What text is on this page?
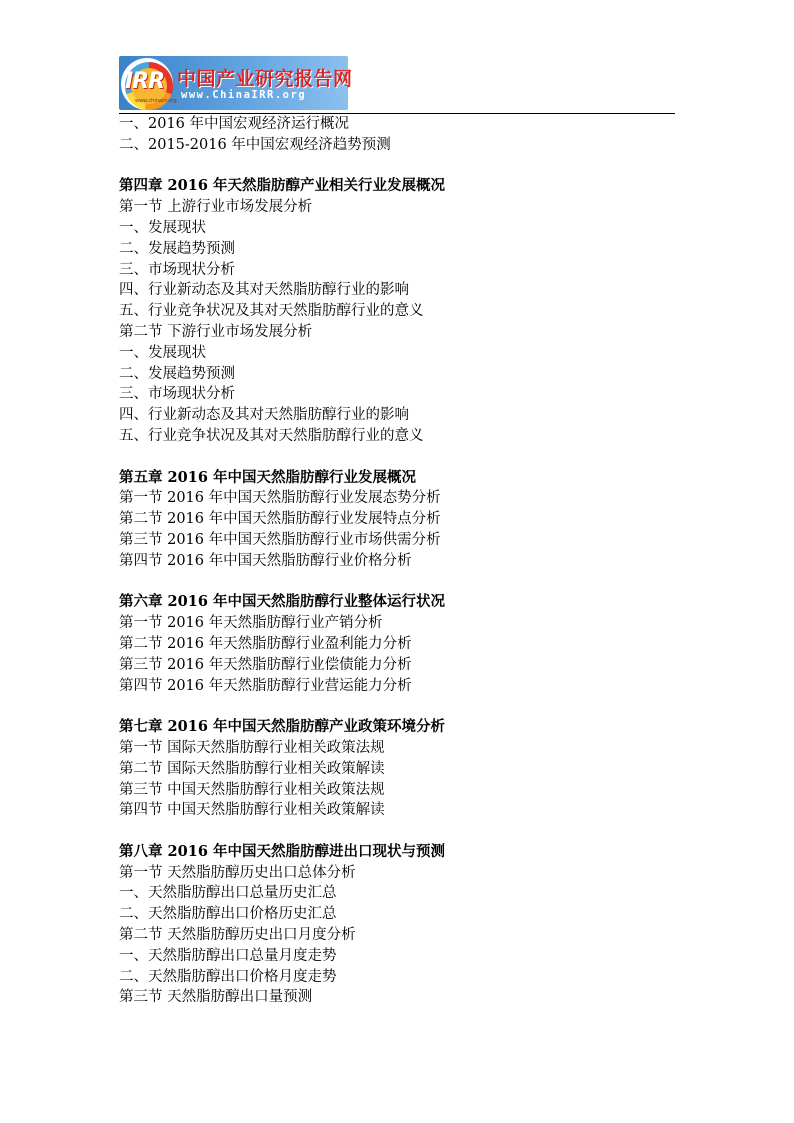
IRR
www.chinairr.org
中国产业研究报告网
www.ChinaIRR.org
一、2016 年中国宏观经济运行概况
二、2015-2016 年中国宏观经济趋势预测
第四章 2016 年天然脂肪醇产业相关行业发展概况
第一节 上游行业市场发展分析
一、发展现状
二、发展趋势预测
三、市场现状分析
四、行业新动态及其对天然脂肪醇行业的影响
五、行业竞争状况及其对天然脂肪醇行业的意义
第二节 下游行业市场发展分析
一、发展现状
二、发展趋势预测
三、市场现状分析
四、行业新动态及其对天然脂肪醇行业的影响
五、行业竞争状况及其对天然脂肪醇行业的意义
第五章 2016 年中国天然脂肪醇行业发展概况
第一节 2016 年中国天然脂肪醇行业发展态势分析
第二节 2016 年中国天然脂肪醇行业发展特点分析
第三节 2016 年中国天然脂肪醇行业市场供需分析
第四节 2016 年中国天然脂肪醇行业价格分析
第六章 2016 年中国天然脂肪醇行业整体运行状况
第一节 2016 年天然脂肪醇行业产销分析
第二节 2016 年天然脂肪醇行业盈利能力分析
第三节 2016 年天然脂肪醇行业偿债能力分析
第四节 2016 年天然脂肪醇行业营运能力分析
第七章 2016 年中国天然脂肪醇产业政策环境分析
第一节 国际天然脂肪醇行业相关政策法规
第二节 国际天然脂肪醇行业相关政策解读
第三节 中国天然脂肪醇行业相关政策法规
第四节 中国天然脂肪醇行业相关政策解读
第八章 2016 年中国天然脂肪醇进出口现状与预测
第一节 天然脂肪醇历史出口总体分析
一、天然脂肪醇出口总量历史汇总
二、天然脂肪醇出口价格历史汇总
第二节 天然脂肪醇历史出口月度分析
一、天然脂肪醇出口总量月度走势
二、天然脂肪醇出口价格月度走势
第三节 天然脂肪醇出口量预测
